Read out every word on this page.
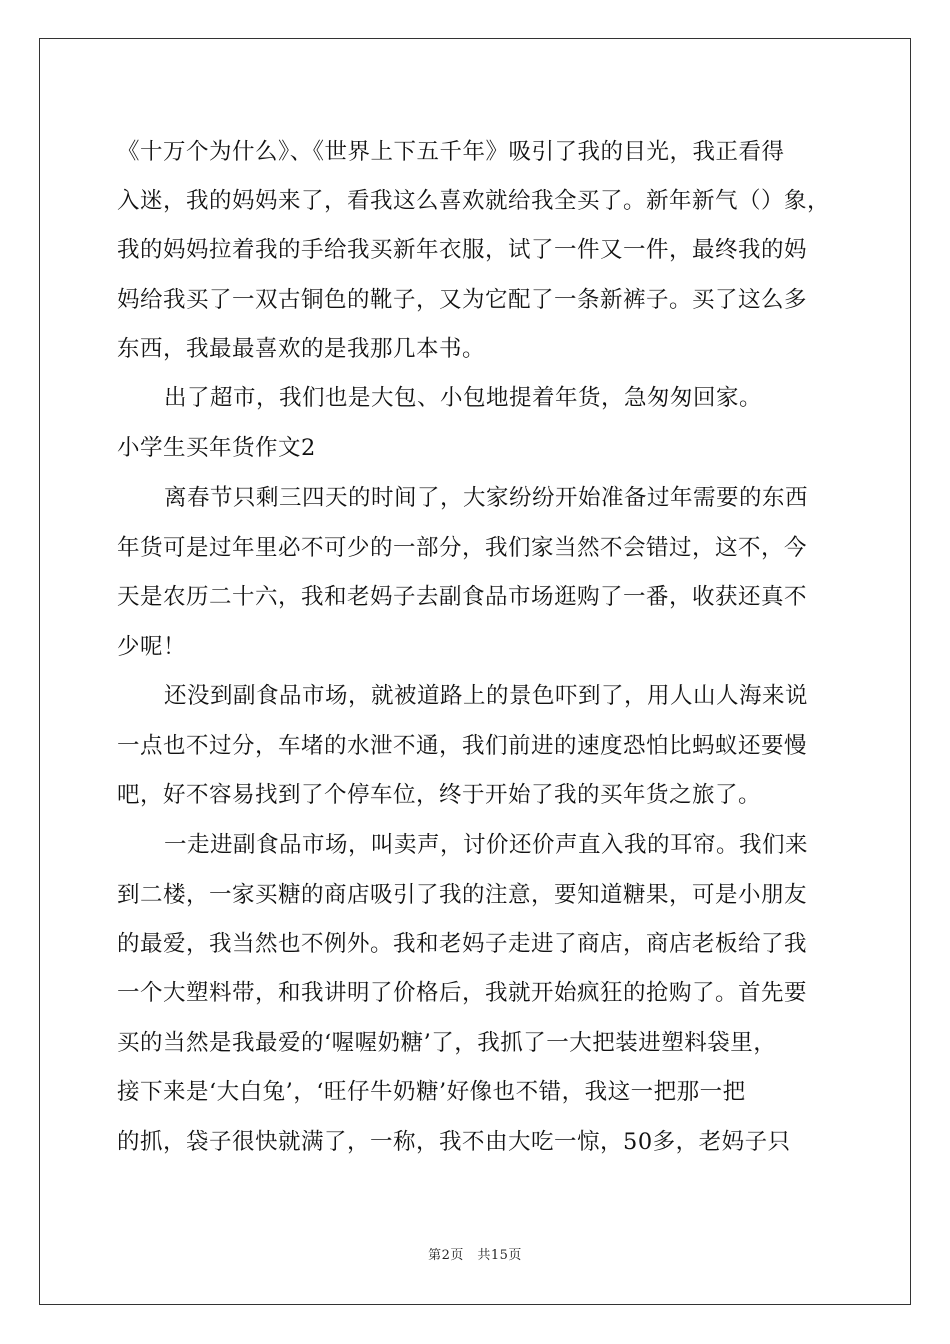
《十万个为什么》、《世界上下五千年》吸引了我的目光，我正看得
入迷，我的妈妈来了，看我这么喜欢就给我全买了。新年新气（）象，
我的妈妈拉着我的手给我买新年衣服，试了一件又一件，最终我的妈
妈给我买了一双古铜色的靴子，又为它配了一条新裤子。买了这么多
东西，我最最喜欢的是我那几本书。
出了超市，我们也是大包、小包地提着年货，急匆匆回家。
小学生买年货作文2
离春节只剩三四天的时间了，大家纷纷开始准备过年需要的东西
年货可是过年里必不可少的一部分，我们家当然不会错过，这不，今
天是农历二十六，我和老妈子去副食品市场逛购了一番，收获还真不
少呢！
还没到副食品市场，就被道路上的景色吓到了，用人山人海来说
一点也不过分，车堵的水泄不通，我们前进的速度恐怕比蚂蚁还要慢
吧，好不容易找到了个停车位，终于开始了我的买年货之旅了。
一走进副食品市场，叫卖声，讨价还价声直入我的耳帘。我们来
到二楼，一家买糖的商店吸引了我的注意，要知道糖果，可是小朋友
的最爱，我当然也不例外。我和老妈子走进了商店，商店老板给了我
一个大塑料带，和我讲明了价格后，我就开始疯狂的抢购了。首先要
买的当然是我最爱的‘喔喔奶糖’了，我抓了一大把装进塑料袋里，
接下来是‘大白兔’，‘旺仔牛奶糖’好像也不错，我这一把那一把
的抓，袋子很快就满了，一称，我不由大吃一惊，50多，老妈子只
第2页　共15页
